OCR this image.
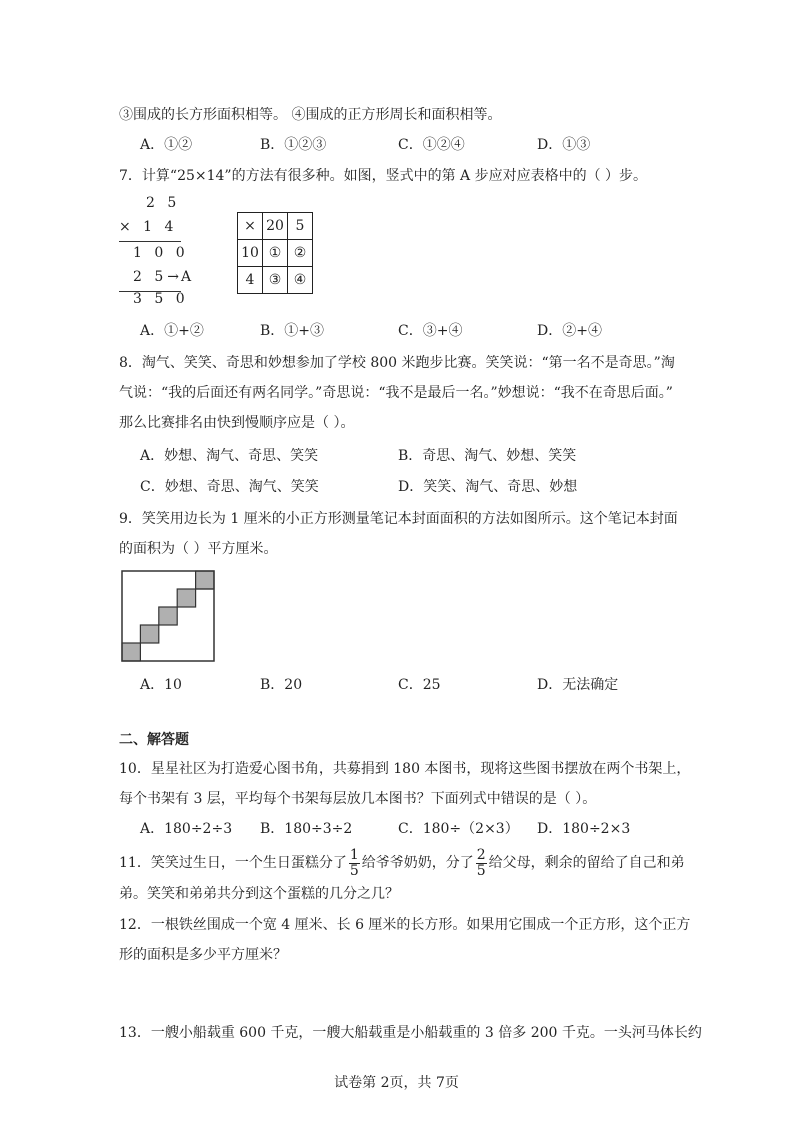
③围成的长方形面积相等。 ④围成的正方形周长和面积相等。
A．①②	B．①②③	C．①②④	D．①③
7．计算“25×14”的方法有很多种。如图，竖式中的第 A 步应对应表格中的（ ）步。
2 5
× 1 4
1 0 0
2 5→ A
3 5 0
×	20	5
10	①	②
4	③	④
A．①+②	B．①+③	C．③+④	D．②+④
8．淘气、笑笑、奇思和妙想参加了学校 800 米跑步比赛。笑笑说：“第一名不是奇思。”淘
气说：“我的后面还有两名同学。”奇思说：“我不是最后一名。”妙想说：“我不在奇思后面。”
那么比赛排名由快到慢顺序应是（ ）。
A．妙想、淘气、奇思、笑笑	B．奇思、淘气、妙想、笑笑
C．妙想、奇思、淘气、笑笑	D．笑笑、淘气、奇思、妙想
9．笑笑用边长为 1 厘米的小正方形测量笔记本封面面积的方法如图所示。这个笔记本封面
的面积为（ ）平方厘米。
A．10	B．20	C．25	D．无法确定
二、解答题
10．星星社区为打造爱心图书角，共募捐到 180 本图书，现将这些图书摆放在两个书架上，
每个书架有 3 层，平均每个书架每层放几本图书？下面列式中错误的是（ ）。
A．180÷2÷3 B．180÷3÷2	C．180÷（2×3） D．180÷2×3
11．笑笑过生日，一个生日蛋糕分了 $\frac{1}{5}$ 给爷爷奶奶，分了 $\frac{2}{5}$ 给父母，剩余的留给了自己和弟
弟。笑笑和弟弟共分到这个蛋糕的几分之几？
12．一根铁丝围成一个宽 4 厘米、长 6 厘米的长方形。如果用它围成一个正方形，这个正方
形的面积是多少平方厘米？
13．一艘小船载重 600 千克，一艘大船载重是小船载重的 3 倍多 200 千克。一头河马体长约
试卷第 2页，共 7页
